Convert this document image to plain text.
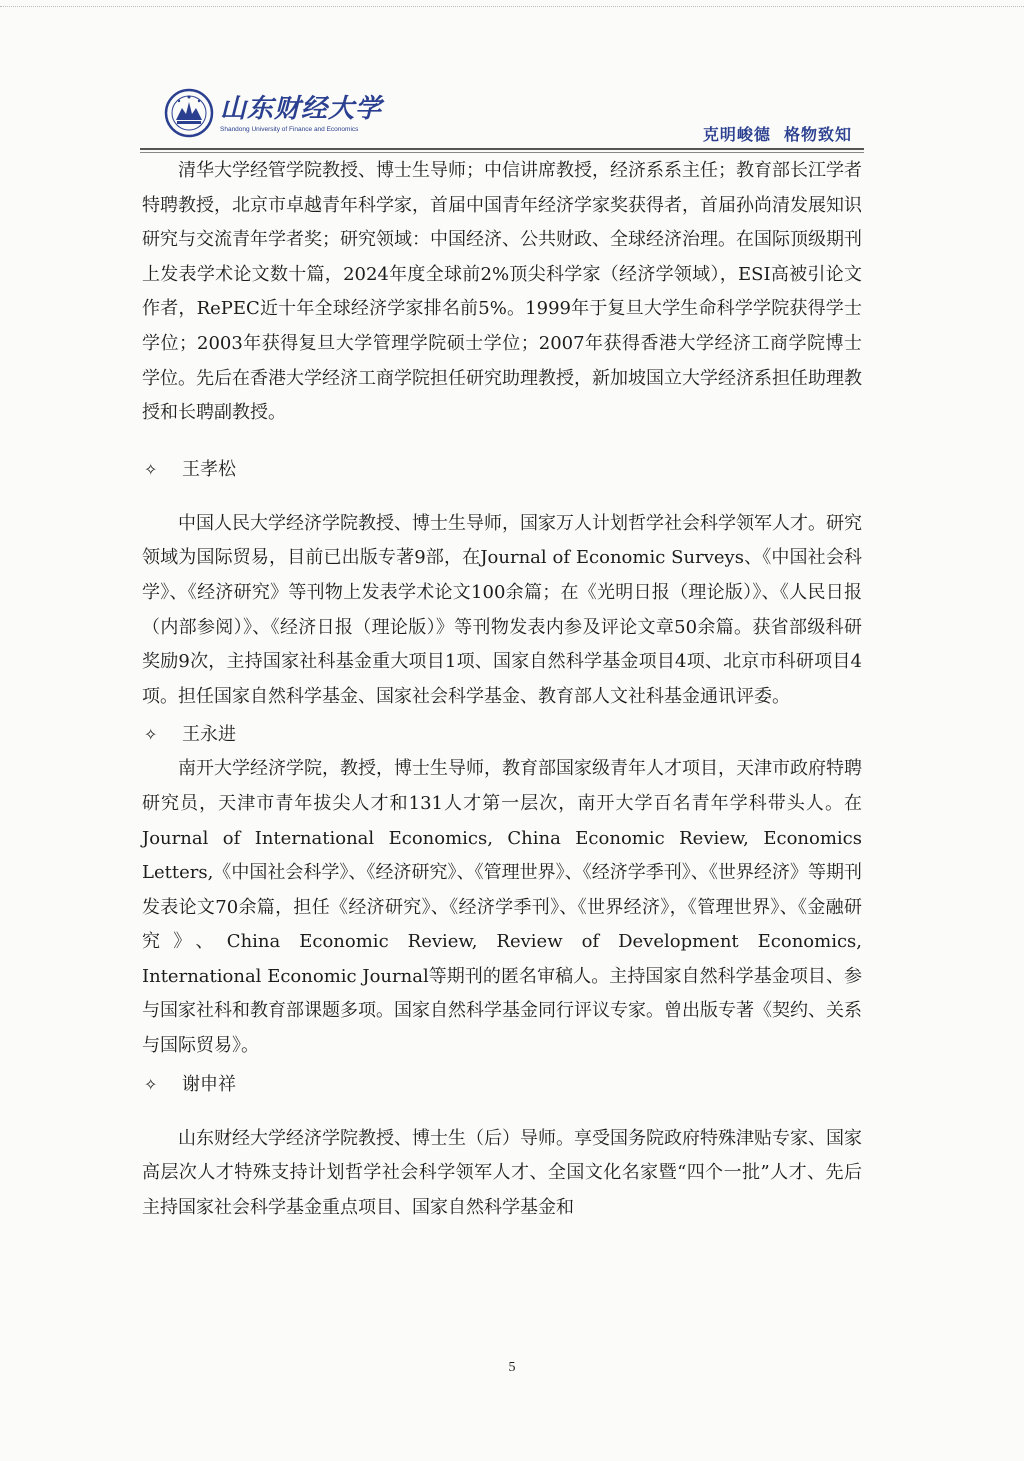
山东财经大学
Shandong University of Finance and Economics	克明峻德  格物致知

清华大学经管学院教授、博士生导师；中信讲席教授，经济系系主任；教育部长江学者特聘教授，北京市卓越青年科学家，首届中国青年经济学家奖获得者，首届孙尚清发展知识研究与交流青年学者奖；研究领域：中国经济、公共财政、全球经济治理。在国际顶级期刊上发表学术论文数十篇，2024年度全球前2%顶尖科学家（经济学领域），ESI高被引论文作者，RePEC近十年全球经济学家排名前5%。1999年于复旦大学生命科学学院获得学士学位；2003年获得复旦大学管理学院硕士学位；2007年获得香港大学经济工商学院博士学位。先后在香港大学经济工商学院担任研究助理教授，新加坡国立大学经济系担任助理教授和长聘副教授。

✧	王孝松

中国人民大学经济学院教授、博士生导师，国家万人计划哲学社会科学领军人才。研究领域为国际贸易，目前已出版专著9部，在Journal of Economic Surveys、《中国社会科学》、《经济研究》等刊物上发表学术论文100余篇；在《光明日报（理论版）》、《人民日报（内部参阅）》、《经济日报（理论版）》等刊物发表内参及评论文章50余篇。获省部级科研奖励9次，主持国家社科基金重大项目1项、国家自然科学基金项目4项、北京市科研项目4项。担任国家自然科学基金、国家社会科学基金、教育部人文社科基金通讯评委。

✧	王永进

南开大学经济学院，教授，博士生导师，教育部国家级青年人才项目，天津市政府特聘研究员，天津市青年拔尖人才和131人才第一层次，南开大学百名青年学科带头人。在Journal of International Economics, China Economic Review, Economics Letters,《中国社会科学》、《经济研究》、《管理世界》、《经济学季刊》、《世界经济》等期刊发表论文70余篇，担任《经济研究》、《经济学季刊》、《世界经济》，《管理世界》、《金融研究》、China Economic Review, Review of Development Economics, International Economic Journal等期刊的匿名审稿人。主持国家自然科学基金项目、参与国家社科和教育部课题多项。国家自然科学基金同行评议专家。曾出版专著《契约、关系与国际贸易》。

✧	谢申祥

山东财经大学经济学院教授、博士生（后）导师。享受国务院政府特殊津贴专家、国家高层次人才特殊支持计划哲学社会科学领军人才、全国文化名家暨“四个一批”人才、先后主持国家社会科学基金重点项目、国家自然科学基金和

5
